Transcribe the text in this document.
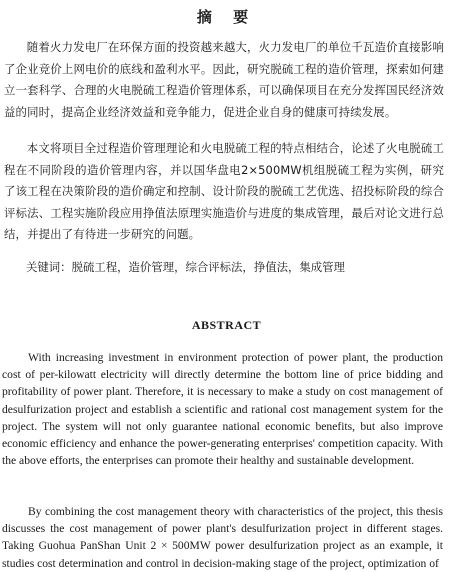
摘 要

随着火力发电厂在环保方面的投资越来越大，火力发电厂的单位千瓦造价直接影响了企业竞价上网电价的底线和盈利水平。因此，研究脱硫工程的造价管理，探索如何建立一套科学、合理的火电脱硫工程造价管理体系，可以确保项目在充分发挥国民经济效益的同时，提高企业经济效益和竞争能力，促进企业自身的健康可持续发展。

本文将项目全过程造价管理理论和火电脱硫工程的特点相结合，论述了火电脱硫工程在不同阶段的造价管理内容，并以国华盘电2×500MW机组脱硫工程为实例，研究了该工程在决策阶段的造价确定和控制、设计阶段的脱硫工艺优选、招投标阶段的综合评标法、工程实施阶段应用挣值法原理实施造价与进度的集成管理，最后对论文进行总结，并提出了有待进一步研究的问题。

关键词：脱硫工程，造价管理，综合评标法，挣值法，集成管理
ABSTRACT

With increasing investment in environment protection of power plant, the production cost of per-kilowatt electricity will directly determine the bottom line of price bidding and profitability of power plant. Therefore, it is necessary to make a study on cost management of desulfurization project and establish a scientific and rational cost management system for the project. The system will not only guarantee national economic benefits, but also improve economic efficiency and enhance the power-generating enterprises' competition capacity. With the above efforts, the enterprises can promote their healthy and sustainable development.

By combining the cost management theory with characteristics of the project, this thesis discusses the cost management of power plant's desulfurization project in different stages. Taking Guohua PanShan Unit 2 × 500MW power desulfurization project as an example, it studies cost determination and control in decision-making stage of the project, optimization of
